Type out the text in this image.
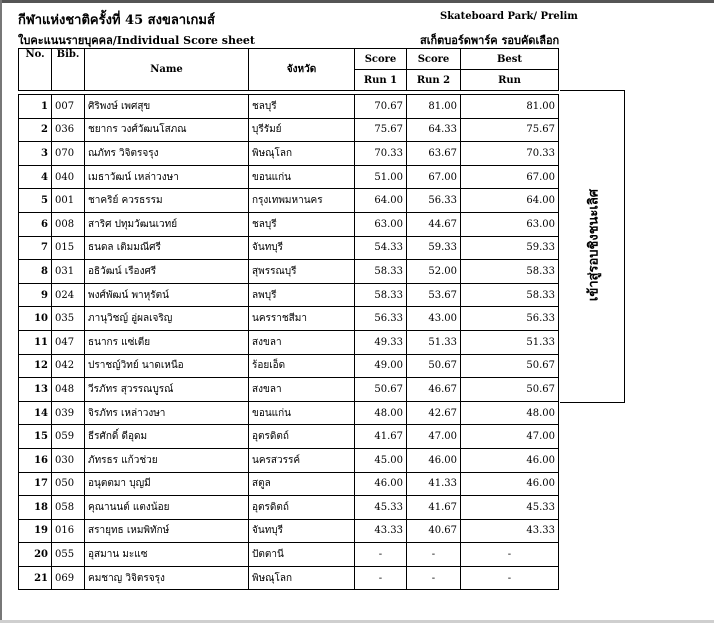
กีฬาแห่งชาติครั้งที่ 45 สงขลาเกมส์
ใบคะแนนรายบุคคล/Individual Score sheet
Skateboard Park/ Prelim
สเก็ตบอร์ดพาร์ค รอบคัดเลือก
No.	Bib.	Name	จังหวัด	Score	Score	Best
				Run 1	Run 2	Run

1	007	ศิริพงษ์ เพศสุข	ชลบุรี	70.67	81.00	81.00
2	036	ชยากร วงศ์วัฒนโสภณ	บุรีรัมย์	75.67	64.33	75.67
3	070	ณภัทร วิจิตรจรุง	พิษณุโลก	70.33	63.67	70.33
4	040	เมธาวัฒน์ เหล่าวงษา	ขอนแก่น	51.00	67.00	67.00
5	001	ชาคริย์ ควรธรรม	กรุงเทพมหานคร	64.00	56.33	64.00
6	008	สาริศ ปทุมวัฒนเวทย์	ชลบุรี	63.00	44.67	63.00
7	015	ธนดล เติมมณีศรี	จันทบุรี	54.33	59.33	59.33
8	031	อธิวัฒน์ เรืองศรี	สุพรรณบุรี	58.33	52.00	58.33
9	024	พงศ์พัฒน์ พาหุรัตน์	ลพบุรี	58.33	53.67	58.33
10	035	ภานุวิชญ์ อู่ผลเจริญ	นครราชสีมา	56.33	43.00	56.33
11	047	ธนากร แซ่เตีย	สงขลา	49.33	51.33	51.33
12	042	ปราชญ์วิทย์ นาดเหนือ	ร้อยเอ็ด	49.00	50.67	50.67
13	048	วีรภัทร สุวรรณบูรณ์	สงขลา	50.67	46.67	50.67
14	039	จิรภัทร เหล่าวงษา	ขอนแก่น	48.00	42.67	48.00
15	059	ธีรศักดิ์ ดีอุดม	อุตรดิตถ์	41.67	47.00	47.00
16	030	ภัทรธร แก้วช่วย	นครสวรรค์	45.00	46.00	46.00
17	050	อนุตตมา บุญมี	สตูล	46.00	41.33	46.00
18	058	คุณานนต์ แตงน้อย	อุตรดิตถ์	45.33	41.67	45.33
19	016	สรายุทธ เหมพิทักษ์	จันทบุรี	43.33	40.67	43.33
20	055	อุสมาน มะแซ	ปัตตานี	-	-	-
21	069	คมชาญ วิจิตรจรุง	พิษณุโลก	-	-	-
เข้าสู่รอบชิงชนะเลิศ
